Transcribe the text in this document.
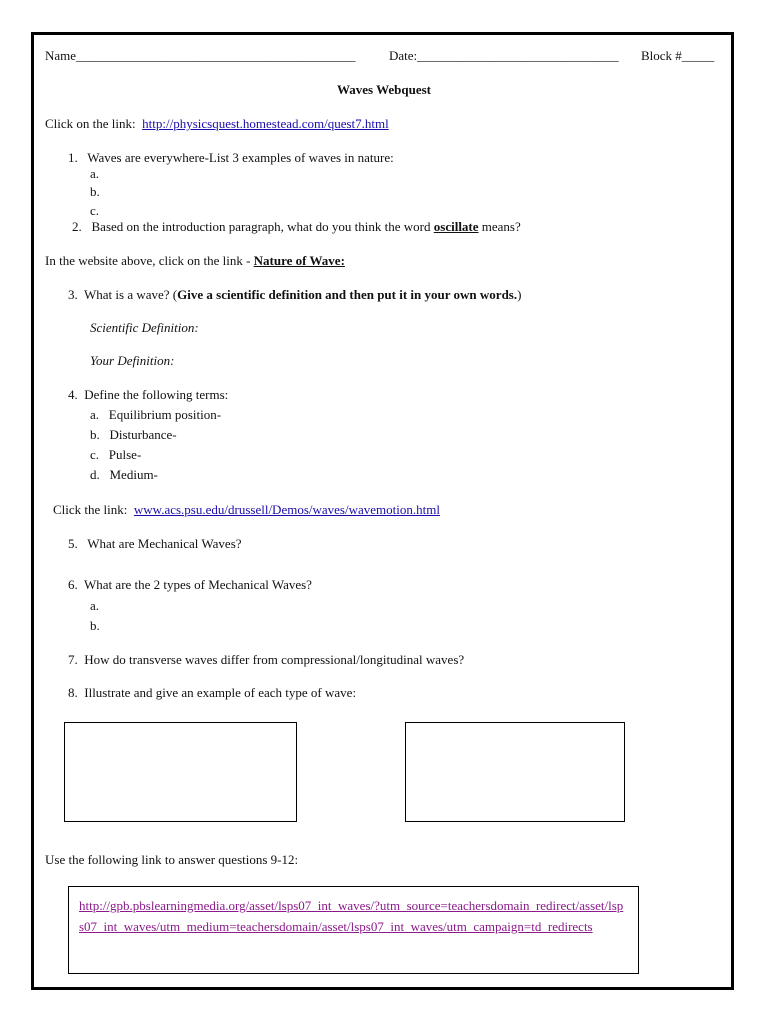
Name___________________________________________	Date:_______________________________ Block #_____
Waves Webquest
Click on the link: http://physicsquest.homestead.com/quest7.html
1. Waves are everywhere-List 3 examples of waves in nature:
a.
b.
c.
2. Based on the introduction paragraph, what do you think the word oscillate means?
In the website above, click on the link - Nature of Wave:
3. What is a wave? (Give a scientific definition and then put it in your own words.)
Scientific Definition:
Your Definition:
4. Define the following terms:
a. Equilibrium position-
b. Disturbance-
c. Pulse-
d. Medium-
Click the link: www.acs.psu.edu/drussell/Demos/waves/wavemotion.html
5. What are Mechanical Waves?
6. What are the 2 types of Mechanical Waves?
a.
b.
7. How do transverse waves differ from compressional/longitudinal waves?
8. Illustrate and give an example of each type of wave:
Use the following link to answer questions 9-12:
http://gpb.pbslearningmedia.org/asset/lsps07_int_waves/?utm_source=teachersdomain_redirect/asset/lsps07_int_waves/utm_medium=teachersdomain/asset/lsps07_int_waves/utm_campaign=td_redirects
